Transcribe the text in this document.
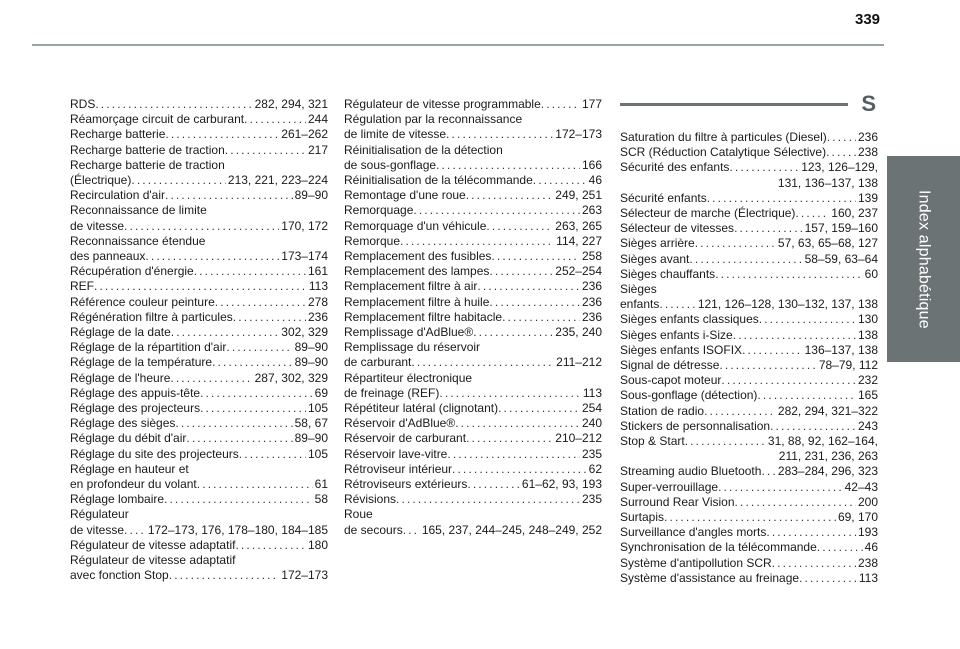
339
Index alphabétique
RDS . . .	282, 294, 321
Réamorçage circuit de carburant . . .	244
Recharge batterie . . .	261–262
Recharge batterie de traction . . .	217
Recharge batterie de traction
(Électrique) . . .	213, 221, 223–224
Recirculation d'air . . .	89–90
Reconnaissance de limite
de vitesse . . .	170, 172
Reconnaissance étendue
des panneaux . . .	173–174
Récupération d'énergie . . .	161
REF . . .	113
Référence couleur peinture . . .	278
Régénération filtre à particules . . .	236
Réglage de la date . . .	302, 329
Réglage de la répartition d'air . . .	89–90
Réglage de la température . . .	89–90
Réglage de l'heure . . .	287, 302, 329
Réglage des appuis-tête . . .	69
Réglage des projecteurs . . .	105
Réglage des sièges . . .	58, 67
Réglage du débit d'air . . .	89–90
Réglage du site des projecteurs . . .	105
Réglage en hauteur et
en profondeur du volant . . .	61
Réglage lombaire . . .	58
Régulateur
de vitesse . . . 172–173, 176, 178–180, 184–185
Régulateur de vitesse adaptatif . . .	180
Régulateur de vitesse adaptatif
avec fonction Stop . . .	172–173
Régulateur de vitesse programmable . . .	177
Régulation par la reconnaissance
de limite de vitesse . . .	172–173
Réinitialisation de la détection
de sous-gonflage . . .	166
Réinitialisation de la télécommande . . .	46
Remontage d'une roue . . .	249, 251
Remorquage . . .	263
Remorquage d'un véhicule . . .	263, 265
Remorque . . .	114, 227
Remplacement des fusibles . . .	258
Remplacement des lampes . . .	252–254
Remplacement filtre à air . . .	236
Remplacement filtre à huile . . .	236
Remplacement filtre habitacle . . .	236
Remplissage d'AdBlue® . . .	235, 240
Remplissage du réservoir
de carburant . . .	211–212
Répartiteur électronique
de freinage (REF) . . .	113
Répétiteur latéral (clignotant) . . .	254
Réservoir d'AdBlue® . . .	240
Réservoir de carburant . . .	210–212
Réservoir lave-vitre . . .	235
Rétroviseur intérieur . . .	62
Rétroviseurs extérieurs . . .	61–62, 93, 193
Révisions . . .	235
Roue
de secours . . . 165, 237, 244–245, 248–249, 252
S
Saturation du filtre à particules (Diesel) . . .	236
SCR (Réduction Catalytique Sélective) . . .	238
Sécurité des enfants . . .	123, 126–129,
131, 136–137, 138
Sécurité enfants . . .	139
Sélecteur de marche (Électrique) . . .	160, 237
Sélecteur de vitesses . . .	157, 159–160
Sièges arrière . . .	57, 63, 65–68, 127
Sièges avant . . .	58–59, 63–64
Sièges chauffants . . .	60
Sièges
enfants . . .	121, 126–128, 130–132, 137, 138
Sièges enfants classiques . . .	130
Sièges enfants i-Size . . .	138
Sièges enfants ISOFIX . . .	136–137, 138
Signal de détresse . . .	78–79, 112
Sous-capot moteur . . .	232
Sous-gonflage (détection) . . .	165
Station de radio . . .	282, 294, 321–322
Stickers de personnalisation . . .	243
Stop & Start . . .	31, 88, 92, 162–164,
211, 231, 236, 263
Streaming audio Bluetooth . . . 283–284, 296, 323
Super-verrouillage . . .	42–43
Surround Rear Vision . . .	200
Surtapis . . .	69, 170
Surveillance d'angles morts . . .	193
Synchronisation de la télécommande . . .	46
Système d'antipollution SCR . . .	238
Système d'assistance au freinage . . .	113
